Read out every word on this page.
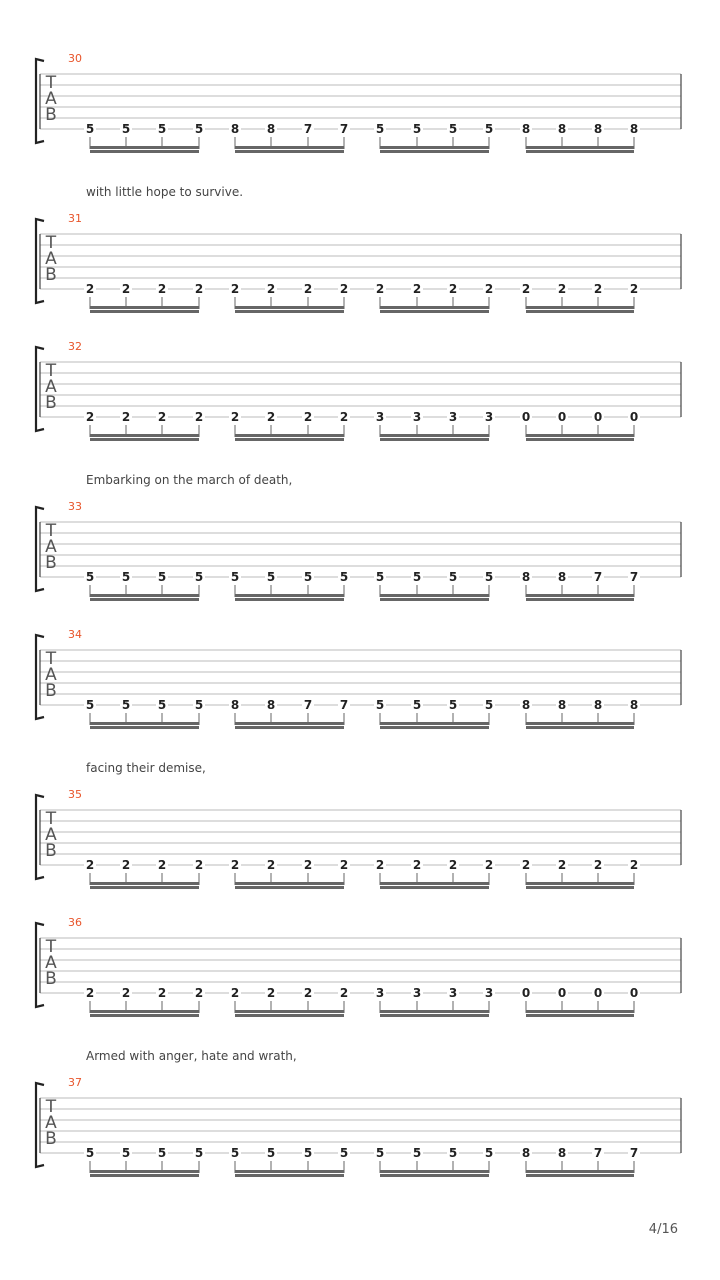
30
T
A
B
5 5 5 5 8 8 7 7 5 5 5 5 8 8 8 8
with little hope to survive.
31
T
A
B
2 2 2 2 2 2 2 2 2 2 2 2 2 2 2 2
32
T
A
B
2 2 2 2 2 2 2 2 3 3 3 3 0 0 0 0
Embarking on the march of death,
33
T
A
B
5 5 5 5 5 5 5 5 5 5 5 5 8 8 7 7
34
T
A
B
5 5 5 5 8 8 7 7 5 5 5 5 8 8 8 8
facing their demise,
35
T
A
B
2 2 2 2 2 2 2 2 2 2 2 2 2 2 2 2
36
T
A
B
2 2 2 2 2 2 2 2 3 3 3 3 0 0 0 0
Armed with anger, hate and wrath,
37
T
A
B
5 5 5 5 5 5 5 5 5 5 5 5 8 8 7 7
4/16
